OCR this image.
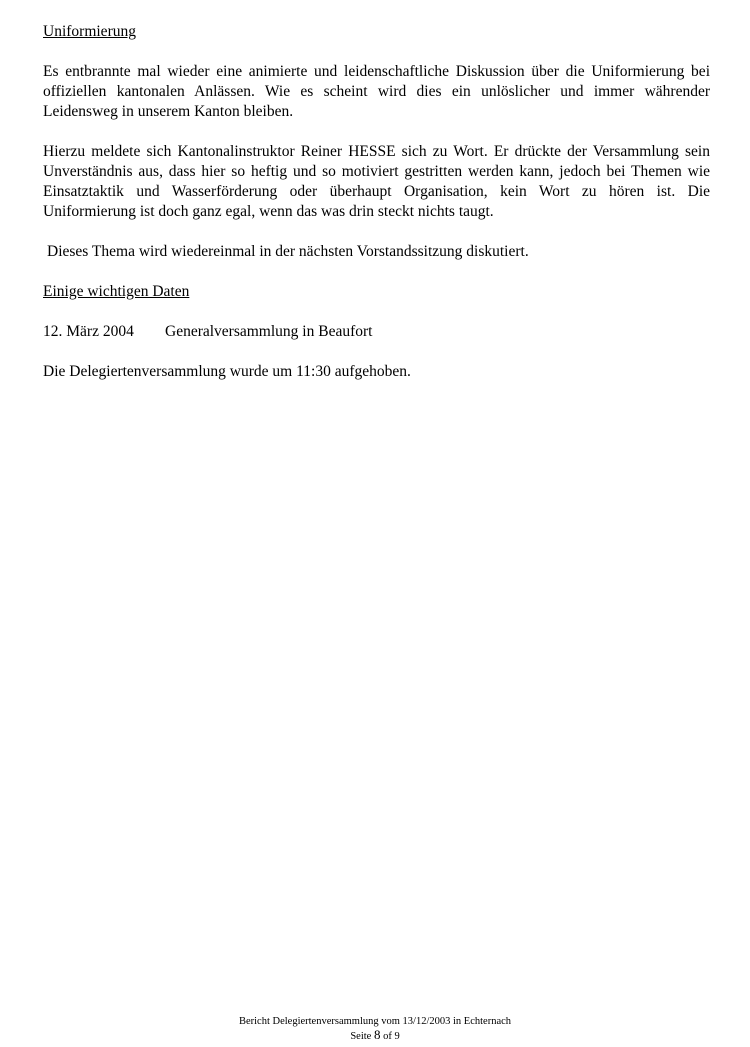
Uniformierung
Es entbrannte mal wieder eine animierte und leidenschaftliche Diskussion über die Uniformierung bei offiziellen kantonalen Anlässen. Wie es scheint wird dies ein unlöslicher und immer währender Leidensweg in unserem Kanton bleiben.
Hierzu meldete sich Kantonalinstruktor Reiner HESSE sich zu Wort. Er drückte der Versammlung sein Unverständnis aus, dass hier so heftig und so motiviert gestritten werden kann, jedoch bei Themen wie Einsatztaktik und Wasserförderung oder überhaupt Organisation, kein Wort zu hören ist. Die Uniformierung ist doch ganz egal, wenn das was drin steckt nichts taugt.
Dieses Thema wird wiedereinmal in der nächsten Vorstandssitzung diskutiert.
Einige wichtigen Daten
12. März 2004	Generalversammlung in Beaufort
Die Delegiertenversammlung wurde um 11:30 aufgehoben.
Bericht Delegiertenversammlung vom 13/12/2003 in Echternach
Seite 8 of 9
